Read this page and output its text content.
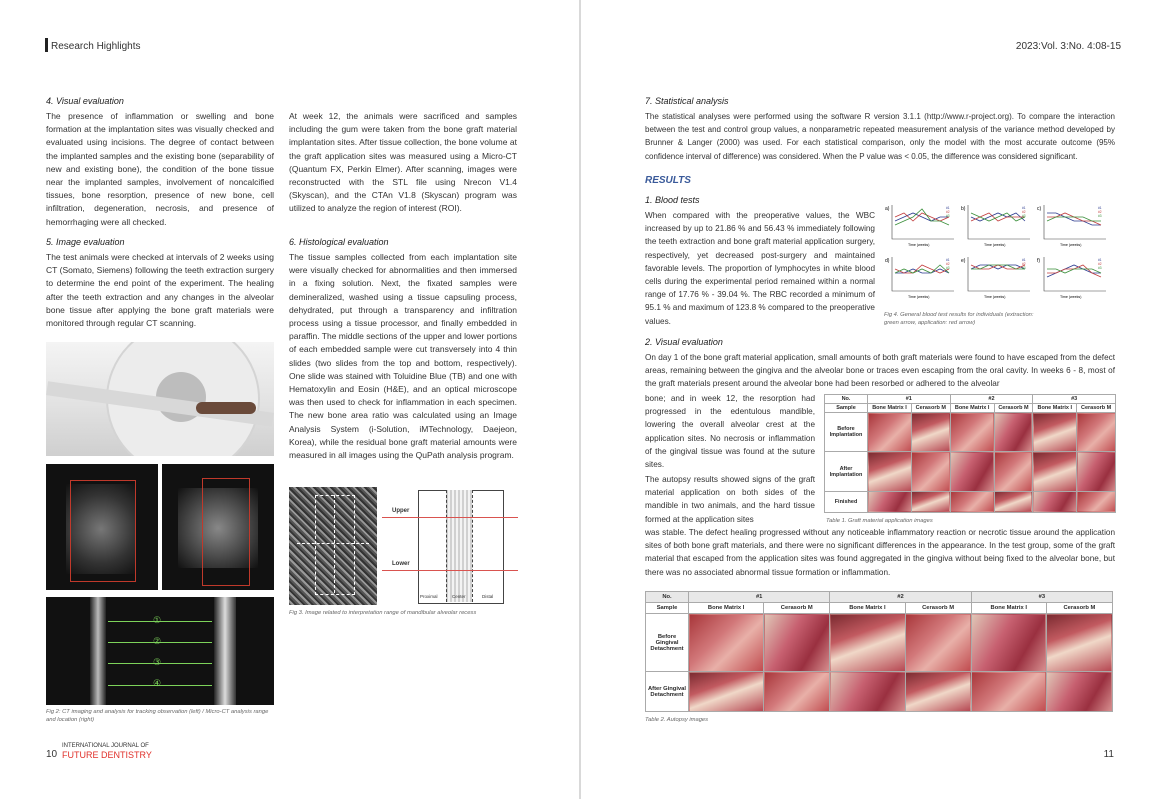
Research Highlights
4. Visual evaluation
The presence of inflammation or swelling and bone formation at the implantation sites was visually checked and evaluated using incisions. The degree of contact between the implanted samples and the existing bone (separability of new and existing bone), the condition of the bone tissue near the implanted samples, involvement of noncalcified tissues, bone resorption, presence of new bone, cell infiltration, degeneration, necrosis, and presence of hemorrhaging were all checked.
5. Image evaluation
The test animals were checked at intervals of 2 weeks using CT (Somato, Siemens) following the teeth extraction surgery to determine the end point of the experiment. The healing after the teeth extraction and any changes in the alveolar bone tissue after applying the bone graft materials were monitored through regular CT scanning.
①
②
③
④
Fig 2: CT imaging and analysis for tracking observation (left) / Micro-CT analysis range and location (right)
At week 12, the animals were sacrificed and samples including the gum were taken from the bone graft material implantation sites. After tissue collection, the bone volume at the graft application sites was measured using a Micro-CT (Quantum FX, Perkin Elmer). After scanning, images were reconstructed with the STL file using Nrecon V1.4 (Skyscan), and the CTAn V1.8 (Skyscan) program was utilized to analyze the region of interest (ROI).
6. Histological evaluation
The tissue samples collected from each implantation site were visually checked for abnormalities and then immersed in a fixing solution. Next, the fixated samples were demineralized, washed using a tissue capsuling process, dehydrated, put through a transparency and infiltration process using a tissue processor, and finally embedded in paraffin. The middle sections of the upper and lower portions of each embedded sample were cut transversely into 4 thin slides (two slides from the top and bottom, respectively). One slide was stained with Toluidine Blue (TB) and one with Hematoxylin and Eosin (H&E), and an optical microscope was then used to check for inflammation in each specimen. The new bone area ratio was calculated using an Image Analysis System (i-Solution, iMTechnology, Daejeon, Korea), while the residual bone graft material amounts were measured in all images using the QuPath analysis program.
Upper
Lower
Proximal	Center	Distal
Fig 3. Image related to interpretation range of mandibular alveolar recess
10
INTERNATIONAL JOURNAL OF
FUTURE DENTISTRY
2023:Vol. 3:No. 4:08-15
7. Statistical analysis
The statistical analyses were performed using the software R version 3.1.1 (http://www.r-project.org). To compare the interaction between the test and control group values, a nonparametric repeated measurement analysis of the variance method developed by Brunner & Langer (2000) was used. For each statistical comparison, only the model with the most accurate outcome (95% confidence interval of difference) was considered. When the P value was < 0.05, the difference was considered significant.
RESULTS
1. Blood tests
When compared with the preoperative values, the WBC increased by up to 21.86 % and 56.43 % immediately following the teeth extraction and bone graft material application surgery, respectively, yet decreased post-surgery and maintained favorable levels. The proportion of lymphocytes in white blood cells during the experimental period remained within a normal range of 17.76 % - 39.04 %. The RBC recorded a minimum of 95.1 % and maximum of 123.8 % compared to the preoperative values.
a)
Time (weeks)
#1
#2
#3
b)
Time (weeks)
#1
#2
#3
c)
Time (weeks)
#1
#2
#3
d)
Time (weeks)
#1
#2
#3
e)
Time (weeks)
#1
#2
#3
f)
Time (weeks)
#1
#2
#3
Fig 4. General blood test results for individuals (extraction: green arrow, application: red arrow)
2. Visual evaluation
On day 1 of the bone graft material application, small amounts of both graft materials were found to have escaped from the defect areas, remaining between the gingiva and the alveolar bone or traces even escaping from the oral cavity. In weeks 6 - 8, most of the graft materials present around the alveolar bone had been resorbed or adhered to the alveolar
bone; and in week 12, the resorption had progressed in the edentulous mandible, lowering the overall alveolar crest at the application sites. No necrosis or inflammation of the gingival tissue was found at the suture sites.
The autopsy results showed signs of the graft material application on both sides of the mandible in two animals, and the hard tissue formed at the application sites
was stable. The defect healing progressed without any noticeable inflammatory reaction or necrotic tissue around the application sites of both bone graft materials, and there were no significant differences in the appearance. In the test group, some of the graft material that escaped from the application sites was found aggregated in the gingiva without being fixed to the alveolar bone, but there was no associated abnormal tissue formation or inflammation.
No.	#1		#2		#3	
Sample	Bone Matrix I	Cerasorb M	Bone Matrix I	Cerasorb M	Bone Matrix I	Cerasorb M
Before Implantation						
After Implantation						
Finished						
Table 1. Graft material application images
No.	#1		#2		#3	
Sample	Bone Matrix I	Cerasorb M	Bone Matrix I	Cerasorb M	Bone Matrix I	Cerasorb M
Before Gingival Detachment						
After Gingival Detachment						
Table 2. Autopsy images
11
